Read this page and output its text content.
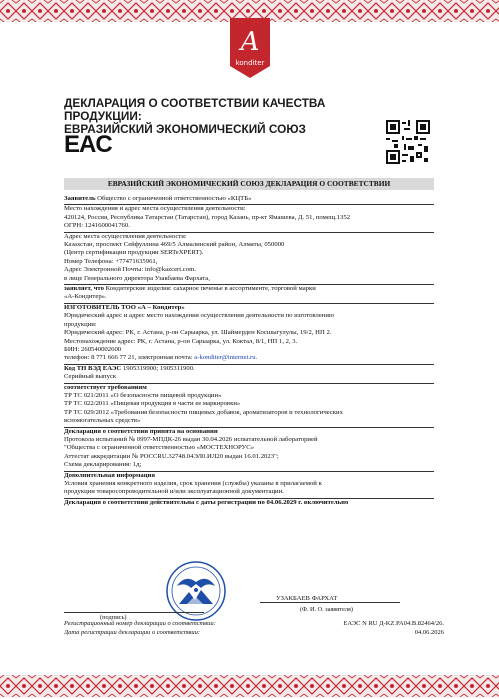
A
konditer
ДЕКЛАРАЦИЯ О СООТВЕТСТВИИ КАЧЕСТВА ПРОДУКЦИИ:
ЕВРАЗИЙСКИЙ ЭКОНОМИЧЕСКИЙ СОЮЗ
EAC
ЕВРАЗИЙСКИЙ ЭКОНОМИЧЕСКИЙ СОЮЗ ДЕКЛАРАЦИЯ О СООТВЕТСТВИИ
Заявитель Общество с ограниченной ответственностью «КЦТБ»
Место нахождения и адрес места осуществления деятельности:
420124, Россия, Республика Татарстан (Татарстан), город Казань, пр-кт Ямашева, Д. 51, помещ.1352
ОГРН: 1241600041760.
Адрес места осуществления деятельности:
Казахстан, проспект Сейфуллина 469/5 Алмалинский район, Алматы, 050000
(Центр сертификации продукции SERTeXPERT).
Номер Телефона: +77471635961,
Адрес Электронной Почты: info@kazcert.com.
в лице Генерального директора Узакбаева Фархата,
заявляет, что Кондитерские изделия: сахарное печенье в ассортименте, торговой марки
«А-Кондитер».
ИЗГОТОВИТЕЛЬ ТОО «А – Кондитер»
Юридический адрес и адрес место нахождения осуществления деятельности по изготовлению
продукции:
Юридический адрес: РК, г. Астана, р-он Сарыарка, ул. Шаймерден Косшыгулулы, 19/2, НП 2.
Местонахождение адрес: РК, г. Астана, р-он Сарыарка, ул. Коктал, 8/1, НП 1, 2, 3.
БИН: 260540002600
телефон: 8 771 666 77 21, электронная почта: a-konditer@internet.ru.
Код ТН ВЭД ЕАЭС 1905319900; 1905311900.
Серийный выпуск
соответствует требованиям
ТР ТС 021/2011 «О безопасности пищевой продукции»
ТР ТС 022/2011 «Пищевая продукция в части ее маркировки»
ТР ТС 029/2012 «Требования безопасности пищевых добавок, ароматизаторов и технологических
вспомогательных средств»
Декларация о соответствии принята на основании
Протокола испытаний № 0997-МПДК-26 выдан 30.04.2026 испытательной лабораторией
"Общества с ограниченной ответственностью «МОСТЕХНОРУС»
Аттестат аккредитации № POCCRU.32748.04ЭЛ0.ИЛ20 выдан 16.01.2023";
Схема декларирования: 1д;
Дополнительная информация
Условия хранения конкретного изделия, срок хранения (службы) указаны в прилагаемой к
продукции товаросопроводительной и/или эксплуатационной документации.
Декларация о соответствии действительна с даты регистрации по 04.06.2029 г. включительно
(подпись)
УЗАКБАЕВ ФАРХАТ
(Ф. И. О. заявителя)
Регистрационный номер декларации о соответствии:	ЕАЭС N RU Д-KZ.PA04.B.82464/26.
Дата регистрации декларации о соответствии:	04.06.2026
